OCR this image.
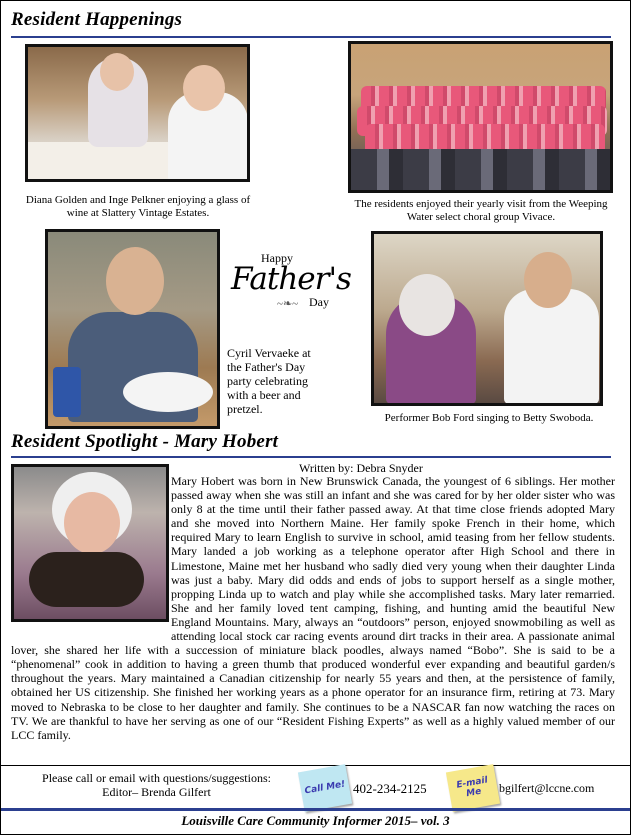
Resident Happenings
Diana Golden and Inge Pelkner enjoying a glass of wine at Slattery Vintage Estates.
The residents enjoyed their yearly visit from the Weeping Water select choral group Vivace.
Happy
Father's
~❧~ Day
Cyril Vervaeke at the Father's Day party celebrating with a beer and pretzel.
Performer Bob Ford singing to Betty Swoboda.
Resident Spotlight - Mary Hobert
Written by: Debra Snyder
Mary Hobert was born in New Brunswick Canada, the youngest of 6 siblings. Her mother passed away when she was still an infant and she was cared for by her older sister who was only 8 at the time until their father passed away. At that time close friends adopted Mary and she moved into Northern Maine. Her family spoke French in their home, which required Mary to learn English to survive in school, amid teasing from her fellow students. Mary landed a job working as a telephone operator after High School and there in Limestone, Maine met her husband who sadly died very young when their daughter Linda was just a baby. Mary did odds and ends of jobs to support herself as a single mother, propping Linda up to watch and play while she accomplished tasks. Mary later remarried. She and her family loved tent camping, fishing, and hunting amid the beautiful New England Mountains. Mary, always an “outdoors” person, enjoyed snowmobiling as well as attending local stock car racing events around dirt tracks in their area. A passionate animal lover, she shared her life with a succession of miniature black poodles, always named “Bobo”. She is said to be a “phenomenal” cook in addition to having a green thumb that produced wonderful ever expanding and beautiful garden/s throughout the years. Mary maintained a Canadian citizenship for nearly 55 years and then, at the persistence of family, obtained her US citizenship. She finished her working years as a phone operator for an insurance firm, retiring at 73. Mary moved to Nebraska to be close to her daughter and family. She continues to be a NASCAR fan now watching the races on TV. We are thankful to have her serving as one of our “Resident Fishing Experts” as well as a highly valued member of our LCC family.
Please call or email with questions/suggestions:
Editor– Brenda Gilfert	Call Me! 402-234-2125	E-mail Me	bgilfert@lccne.com
Louisville Care Community Informer 2015– vol. 3
